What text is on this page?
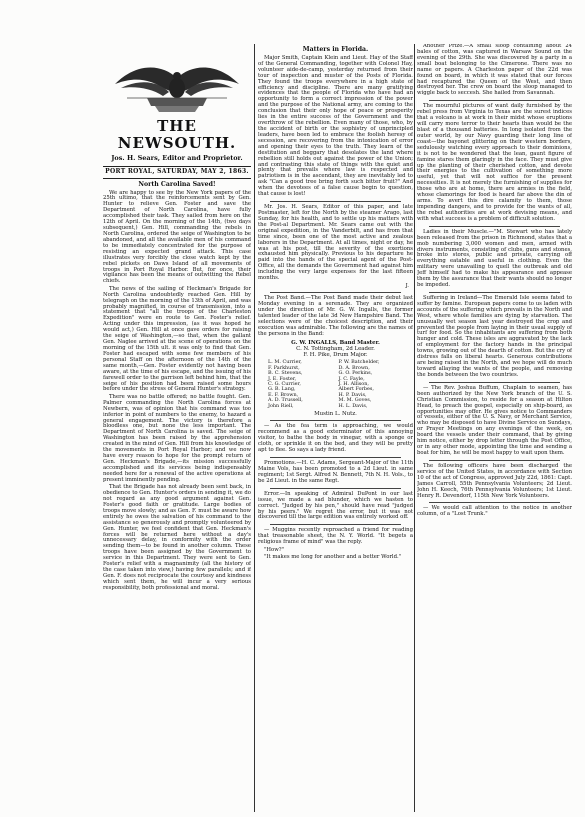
THE NEWSOUTH.
Jos. H. Sears, Editor and Proprietor.
PORT ROYAL, SATURDAY, MAY 2, 1863.
North Carolina Saved!

We are happy to see by the New York papers of the 25th ultimo, that the reinforcements sent by Gen. Hunter to relieve Gen. Foster and save the Department of North Carolina, have fully accomplished their task. They sailed from here on the 12th of April. On the morning of the 14th, (two days subsequent,) Gen. Hill, commanding the rebels in North Carolina, ordered the seige of Washington to be abandoned, and all the available men of his command to be immediately concentrated for the purpose of resisting an expected grand attack. This case illustrates very forcibly the close watch kept by the rebel pickets on Daws Island of all movements of troops in Port Royal Harbor. But, for once, their vigilance has been the means of outwitting the Rebel chiefs.

The news of the sailing of Heckman's Brigade for North Carolina undoubtedly reached Gen. Hill by telegraph on the morning of the 13th of April, and was probably magnified, in course of transmission, into a statement that "all the troops of the Charleston Expedition" were en route to Gen. Foster's relief. Acting under this impression, (as it was hoped he would act,) Gen. Hill at once gave orders for raising the seige of Washington,—so that, when the gallant Gen. Naglee arrived at the scene of operations on the morning of the 15th ult. it was only to find that Gen. Foster had escaped with some few members of his personal Staff on the afternoon of the 14th of the same month,—Gen. Foster evidently not having been aware, at the time of his escape, and the issuing of his farewell order to the garrison left behind him, that the seige of his position had been raised some hours before under the stress of General Hunter's strategy.

There was no battle offered; no battle fought. Gen. Palmer commanding the North Carolina forces at Newbern, was of opinion that his command was too inferior in point of numbers to the enemy, to hazard a general engagement. The victory is therefore a bloodless one, but none the less important. The Department of North Carolina is saved. The seige of Washington has been raised by the apprehension created in the mind of Gen. Hill from his knowledge of the movements in Port Royal Harbor; and we now have every reason to hope for the prompt return of Gen. Heckman's Brigade,—its mission successfully accomplished and its services being indispensably needed here for a renewal of the active operations at present imminently pending.

That the Brigade has not already been sent back, in obedience to Gen. Hunter's orders in sending it, we do not regard as any good argument against Gen. Foster's good faith or gratitude. Large bodies of troops move slowly; and as Gen. F. must be aware how entirely he owes the salvation of his command to the assistance so generously and promptly volunteered by Gen. Hunter, we feel confident that Gen. Heckman's forces will be returned here without a day's unnecessary delay, in conformity with the order sending them—to be found in another column. These troops have been assigned by the Government to service in this Department. They were sent to Gen. Foster's relief with a magnanimity (all the history of the case taken into view,) having few parallels; and if Gen. F. does not reciprocate the courtesy and kindness which sent them, he will incur a very serious responsibility, both professional and moral.

Matters in Florida.

Major Smith, Captain Klein and Lieut. Hay of the Staff of the General Commanding, together with Colonel Hay, volunteer aide-de-camp, yesterday returned from their tour of inspection and muster of the Posts of Florida. They found the troops everywhere in a high state of efficiency and discipline. There are many gratifying evidences that the people of Florida who have had an opportunity to form a correct impression of the power and the purpose of the National army, are coming to the conclusion that their only hope of peace or prosperity lies in the entire success of the Government and the overthrow of the rebellion. Even many of those, who, by the accident of birth or the sophistry of unprincipled leaders, have been led to embrace the foolish heresy of secession, are recovering from the intoxication of error and opening their eyes to the truth. They learn of the destitution and beggary that desolates the land where rebellion still holds out against the power of the Union; and contrasting this state of things with the quiet and plenty that prevails where law is respected and patriotism is in the ascendant, they are inevitably led to ask "Can a good tree bring forth such bitter fruit?" And when the devotees of a false cause begin to question, that cause is lost!

Mr. Jos. H. Sears, Editor of this paper, and late Postmaster, left for the North by the steamer Arago, last Sunday, for his health, and to settle up his matters with the Post-al Department. Mr. Sears came out with the original expedition, in the Vanderbilt, and has from that time since, been one of the most active and zealous laborers in the Department. At all times, night or day, he was at his post, till the severity of the exertions exhausted him physically. Previous to his departure he paid into the hands of the special agent of the Post-Office, all the demands the Government had against him including the very large expenses for the last fifteen months.

J.

The Post Band.—The Post Band made their debut last Monday evening in a serenade. They are organized under the direction of Mr. G. W. Ingalls, the former talented leader of the late 3d New Hampshire Band. The selections were of the choicest description, and their execution was admirable. The following are the names of the persons in the Band:

G. W. INGALLS, Band Master.
C. N. Tottingham, 2d Leader.
F. H. Pike, Drum Major.
L. M. Currier,	P. W. Batchelder,
F. Parkhurst,	D. A. Brown,
B. C. Stevens,	G. O. Perkins,
J. E. Foster,	J. C. Fayle,
C. G. Currier,	J. H. Allison,
G. B. Lang,	Albert Forbes,
E. F. Brown,	H. P. Davis,
A. D. Trussell,	M. M. Goves,
John Riell,	H. L. Davis,
Mustin L. Nutz.

— As the fea term is approaching, we would recommend as a good exterminator of this annoying visitor, to bathe the body in vinegar, with a sponge or cloth, or sprinkle it on the bed, and they will be pretty apt to flee. So says a lady friend.

Promotions.—H. C. Adams, Sergeant-Major of the 11th Maine Vols, has been promoted to a 2d Lieut. in same regiment; 1st Sergt. Alfred N. Bennett, 7th N. H. Vols., to be 2d Lieut. in the same Regt.

Error.—In speaking of Admiral DuPont in our last issue, we made a sad blunder, which we hasten to correct. "Judged by his pen," should have read "judged by his peers." We regret the error, but it was not discovered till the large edition was entirely worked off.

— Muggins recently reproached a friend for reading that treasonable sheet, the N. Y. World. "It begets a religious frame of mind" was the reply.

"How?"

"It makes me long for another and a better World."

Another Prize.—A small sloop containing about 24 bales of cotton, was captured in Warsaw Sound on the evening of the 29th. She was discovered by a party in a small boat belonging to the Cimerone. There was no name or papers. A Charleston paper of the 22d was found on board, in which it was stated that our forces had recaptured the Queen of the West, and then destroyed her. The crew on board the sloop managed to wiggle back to seccesh. She hailed from Savannah.

The mournful pictures of want daily furnished by the rebel press from Virginia to Texas are the surest indices that a volcano is at work in their midst whose eruptions will carry more terror to their hearts than would be the blast of a thousand batteries. In long isolated from the outer world, by our Navy guarding their long line of coast—the bayonet glittering on their western borders, sedulously watching every approach to their dominions, it is not to be wondered that the lean, gaunt figure of famine stares them glaringly in the face. They must give up the planting of their cherished cotton, and devote their energies to the cultivation of something more useful, yet that will not suffice for the present necessities. It is not merely the furnishing of supplies for those who are at home, there are armies in the field, whose clamorings for food is heard far above the din of arms. To avert this dire calamity to them, those impending dangers, and to provide for the wants of all, the rebel authorities are at work devising means, and with what success is a problem of difficult solution.

Ladies in their Muscle.—"M. Stewart who has lately been released from the prison in Richmond, states that a mob numbering 3,000 women and men, armed with divers instruments, consisting of clubs, guns and stones, broke into stores, public and private, carrying off everything eatable and useful in clothing. Even the military were unavailing to quell the outbreak and old Jeff himself had to make his appearance and appease them by the assurance that their wants should no longer be impeded.

Suffering in Ireland—The Emerald Isle seems fated to suffer by famine. European papers come to us laden with accounts of the suffering which prevails in the North and West, where whole families are dying by starvation. The unusually wet season last year destroyed the crop and prevented the people from laying in their usual supply of turf for food. So the inhabitants are suffering from both hunger and cold. These isles are aggravated by the lack of employment for the factory hands in the principal towns, growing out of the dearth of cotton. But the cry of distress falls on liberal hearts. Generous contributions are being raised in the North, and we hope will do much toward allaying the wants of the people, and removing the bonds between the two countries.

— The Rev. Joshua Buffum, Chaplain to seamen, has been authorized by the New York branch of the U. S. Christian Commission, to reside for a season at Hilton Head, to preach the gospel, especially on ship-board, as opportunities may offer. He gives notice to Commanders of vessels, either of the U. S. Navy, or Merchant Service, who may be disposed to have Divine Service on Sundays, or Prayer Meetings on any evenings of the week, on board the vessels under their command, that by giving him notice, either by drop letter through the Post Office, or in any other mode, appointing the time and sending a boat for him, he will be most happy to wait upon them.

The following officers have been discharged the service of the United States, in accordance with Section 10 of the act of Congress, approved July 22d, 1861: Capt. James Carroll, 55th Pennsylvania Volunteers; 2d Lieut. John H. Keech, 76th Pennsylvania Volunteers; 1st Lieut. Henry R. Devendorf, 115th New York Volunteers.

— We would call attention to the notice in another column, of a "Lost Trunk."
